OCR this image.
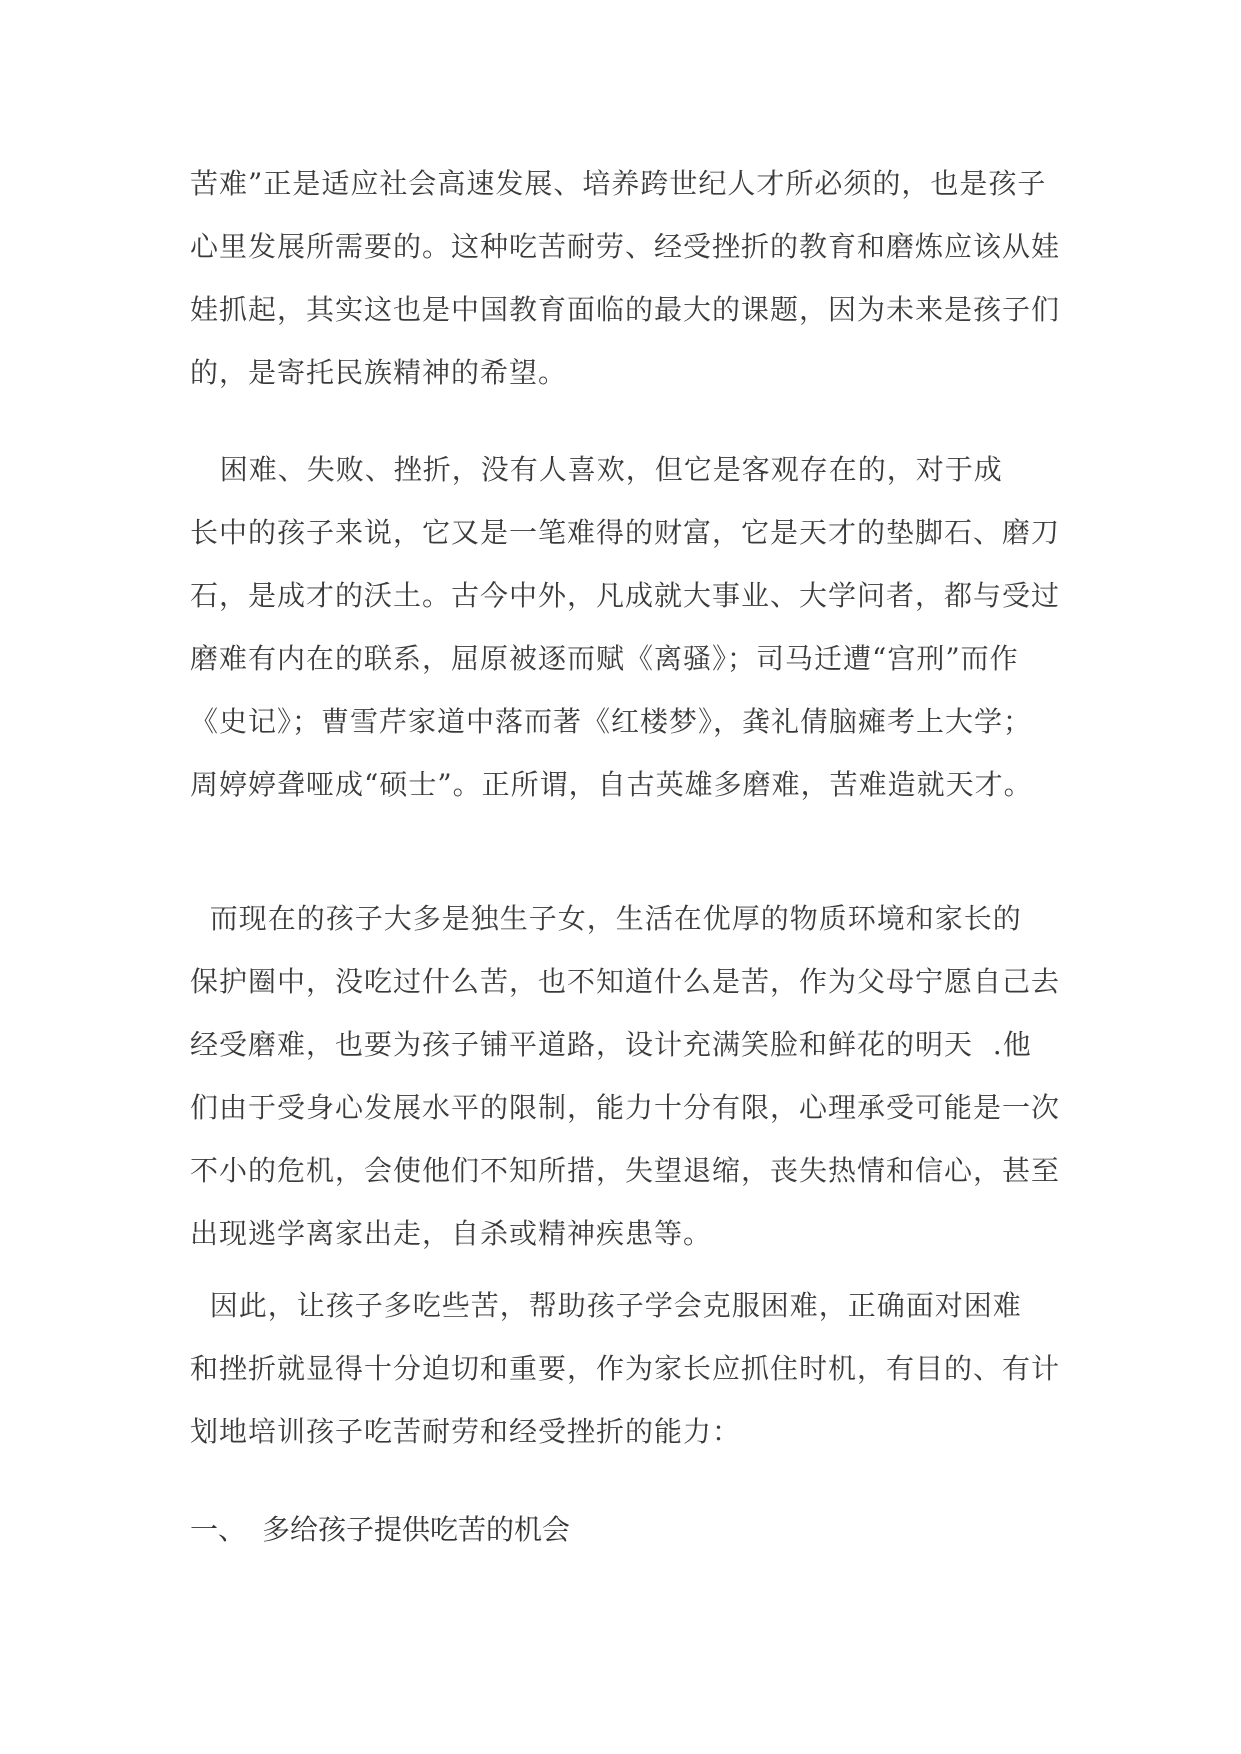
苦难”正是适应社会高速发展、培养跨世纪人才所必须的，也是孩子
心里发展所需要的。这种吃苦耐劳、经受挫折的教育和磨炼应该从娃
娃抓起，其实这也是中国教育面临的最大的课题，因为未来是孩子们
的，是寄托民族精神的希望。

困难、失败、挫折，没有人喜欢，但它是客观存在的，对于成
长中的孩子来说，它又是一笔难得的财富，它是天才的垫脚石、磨刀
石，是成才的沃土。古今中外，凡成就大事业、大学问者，都与受过
磨难有内在的联系，屈原被逐而赋《离骚》；司马迁遭“宫刑”而作
《史记》；曹雪芹家道中落而著《红楼梦》，龚礼倩脑瘫考上大学；
周婷婷聋哑成“硕士”。正所谓，自古英雄多磨难，苦难造就天才。

而现在的孩子大多是独生子女，生活在优厚的物质环境和家长的
保护圈中，没吃过什么苦，也不知道什么是苦，作为父母宁愿自己去
经受磨难，也要为孩子铺平道路，设计充满笑脸和鲜花的明天  .他
们由于受身心发展水平的限制，能力十分有限，心理承受可能是一次
不小的危机，会使他们不知所措，失望退缩，丧失热情和信心，甚至
出现逃学离家出走，自杀或精神疾患等。

因此，让孩子多吃些苦，帮助孩子学会克服困难，正确面对困难
和挫折就显得十分迫切和重要，作为家长应抓住时机，有目的、有计
划地培训孩子吃苦耐劳和经受挫折的能力：

一、 多给孩子提供吃苦的机会
